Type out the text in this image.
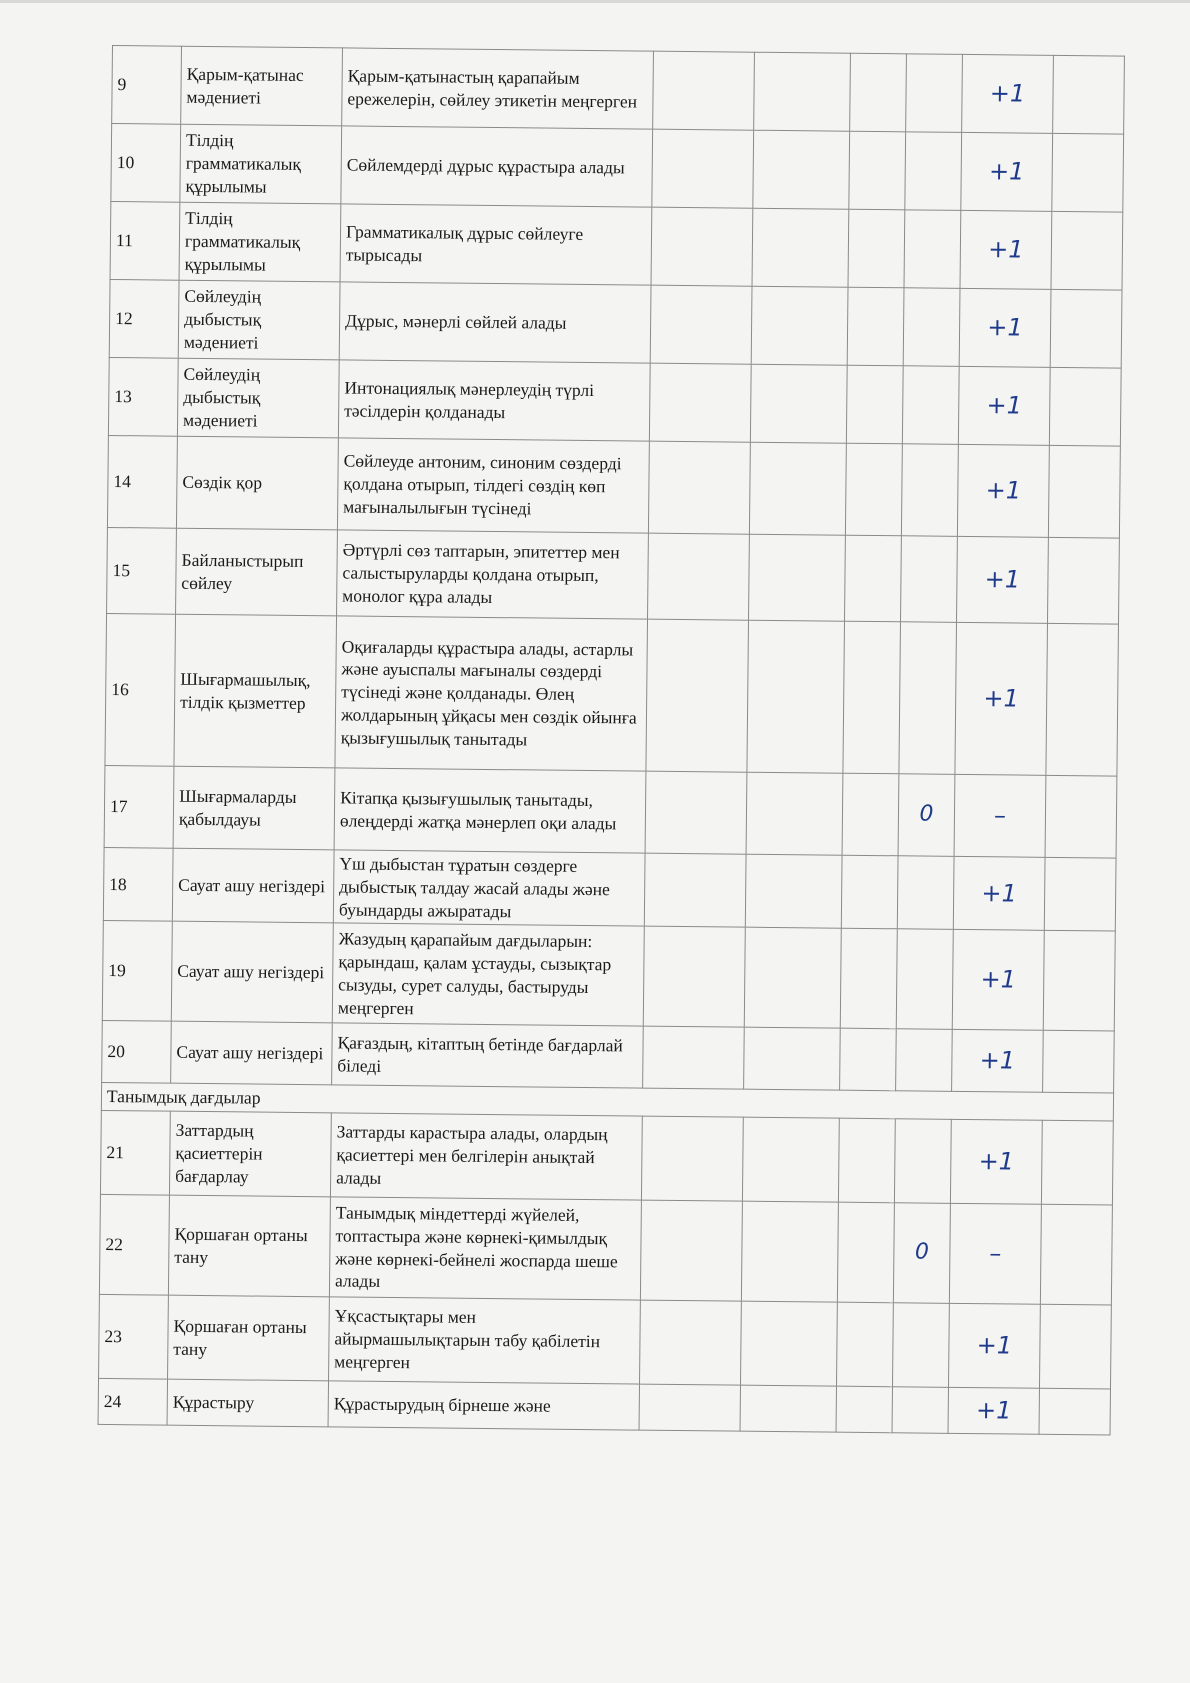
9	Қарым-қатынас мәдениеті	Қарым-қатынастың қарапайым ережелерін, сөйлеу этикетін меңгерген					+1	
10	Тілдің грамматикалық құрылымы	Сөйлемдерді дұрыс құрастыра алады					+1	
11	Тілдің грамматикалық құрылымы	Грамматикалық дұрыс сөйлеуге тырысады					+1	
12	Сөйлеудің дыбыстық мәдениеті	Дұрыс, мәнерлі сөйлей алады					+1	
13	Сөйлеудің дыбыстық мәдениеті	Интонациялық мәнерлеудің түрлі тәсілдерін қолданады					+1	
14	Сөздік қор	Сөйлеуде антоним, синоним сөздерді қолдана отырып, тілдегі сөздің көп мағыналылығын түсінеді					+1	
15	Байланыстырып сөйлеу	Әртүрлі сөз таптарын, эпитеттер мен салыстыруларды қолдана отырып, монолог құра алады					+1	
16	Шығармашылық, тілдік қызметтер	Оқиғаларды құрастыра алады, астарлы және ауыспалы мағыналы сөздерді түсінеді және қолданады. Өлең жолдарының ұйқасы мен сөздік ойынға қызығушылық танытады					+1	
17	Шығармаларды қабылдауы	Кітапқа қызығушылық танытады, өлеңдерді жатқа мәнерлеп оқи алады				0	–	
18	Сауат ашу негіздері	Үш дыбыстан тұратын сөздерге дыбыстық талдау жасай алады және буындарды ажыратады					+1	
19	Сауат ашу негіздері	Жазудың қарапайым дағдыларын: қарындаш, қалам ұстауды, сызықтар сызуды, сурет салуды, бастыруды меңгерген					+1	
20	Сауат ашу негіздері	Қағаздың, кітаптың бетінде бағдарлай біледі					+1	
Танымдық дағдылар								
21	Заттардың қасиеттерін бағдарлау	Заттарды карастыра алады, олардың қасиеттері мен белгілерін анықтай алады					+1	
22	Қоршаған ортаны тану	Танымдық міндеттерді жүйелей, топтастыра және көрнекі-қимылдық және көрнекі-бейнелі жоспарда шеше алады				0	–	
23	Қоршаған ортаны тану	Ұқсастықтары мен айырмашылықтарын табу қабілетін меңгерген					+1	
24	Құрастыру	Құрастырудың бірнеше және					+1	
